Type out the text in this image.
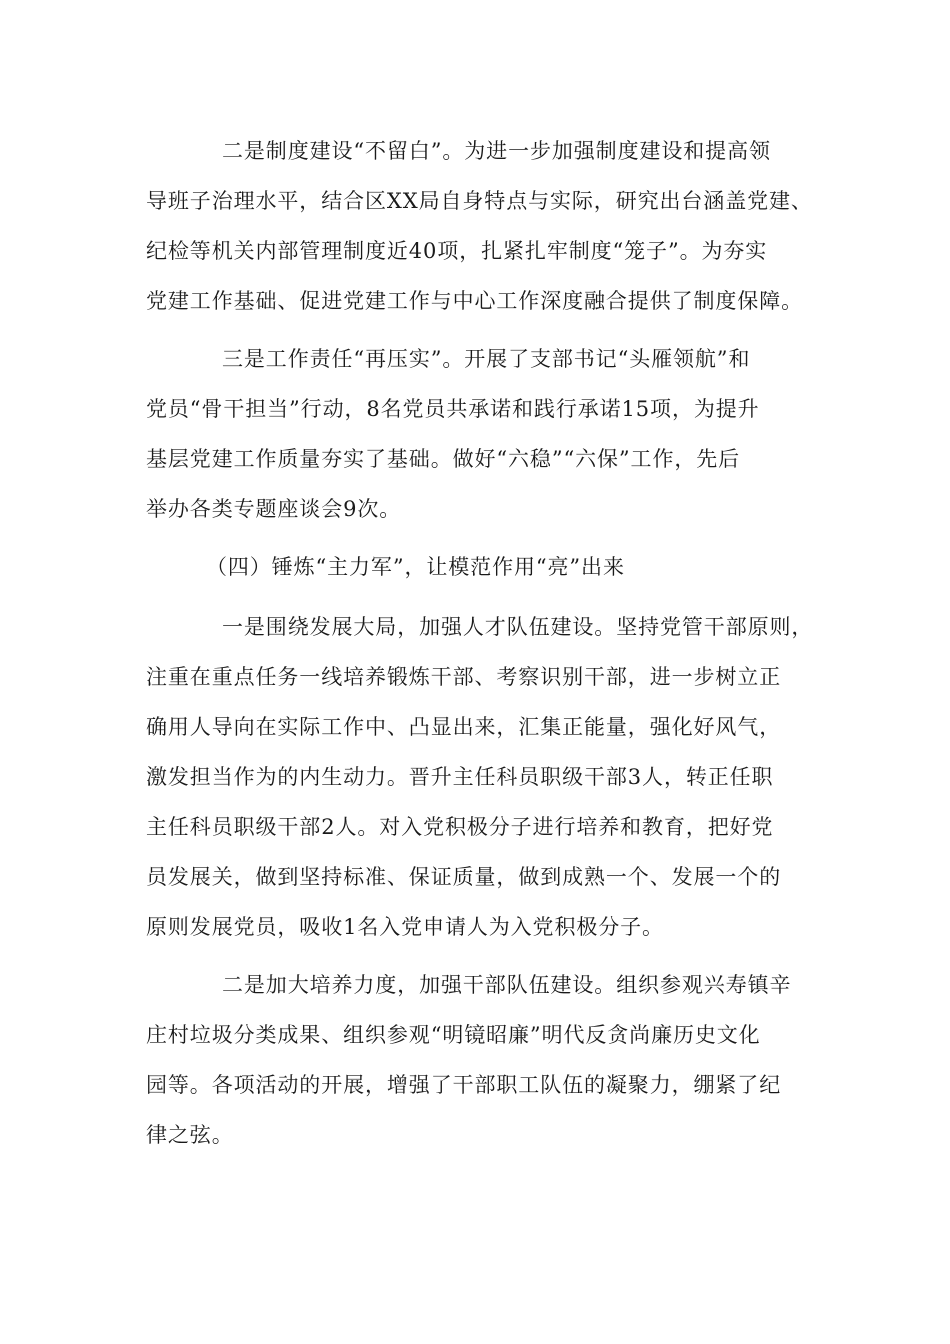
二是制度建设“不留白”。为进一步加强制度建设和提高领

导班子治理水平，结合区XX局自身特点与实际，研究出台涵盖党建、

纪检等机关内部管理制度近40项，扎紧扎牢制度“笼子”。为夯实

党建工作基础、促进党建工作与中心工作深度融合提供了制度保障。

三是工作责任“再压实”。开展了支部书记“头雁领航”和

党员“骨干担当”行动，8名党员共承诺和践行承诺15项，为提升

基层党建工作质量夯实了基础。做好“六稳”“六保”工作，先后

举办各类专题座谈会9次。

（四）锤炼“主力军”，让模范作用“亮”出来

一是围绕发展大局，加强人才队伍建设。坚持党管干部原则，

注重在重点任务一线培养锻炼干部、考察识别干部，进一步树立正

确用人导向在实际工作中、凸显出来，汇集正能量，强化好风气，

激发担当作为的内生动力。晋升主任科员职级干部3人，转正任职

主任科员职级干部2人。对入党积极分子进行培养和教育，把好党

员发展关，做到坚持标准、保证质量，做到成熟一个、发展一个的

原则发展党员，吸收1名入党申请人为入党积极分子。

二是加大培养力度，加强干部队伍建设。组织参观兴寿镇辛

庄村垃圾分类成果、组织参观“明镜昭廉”明代反贪尚廉历史文化

园等。各项活动的开展，增强了干部职工队伍的凝聚力，绷紧了纪

律之弦。
